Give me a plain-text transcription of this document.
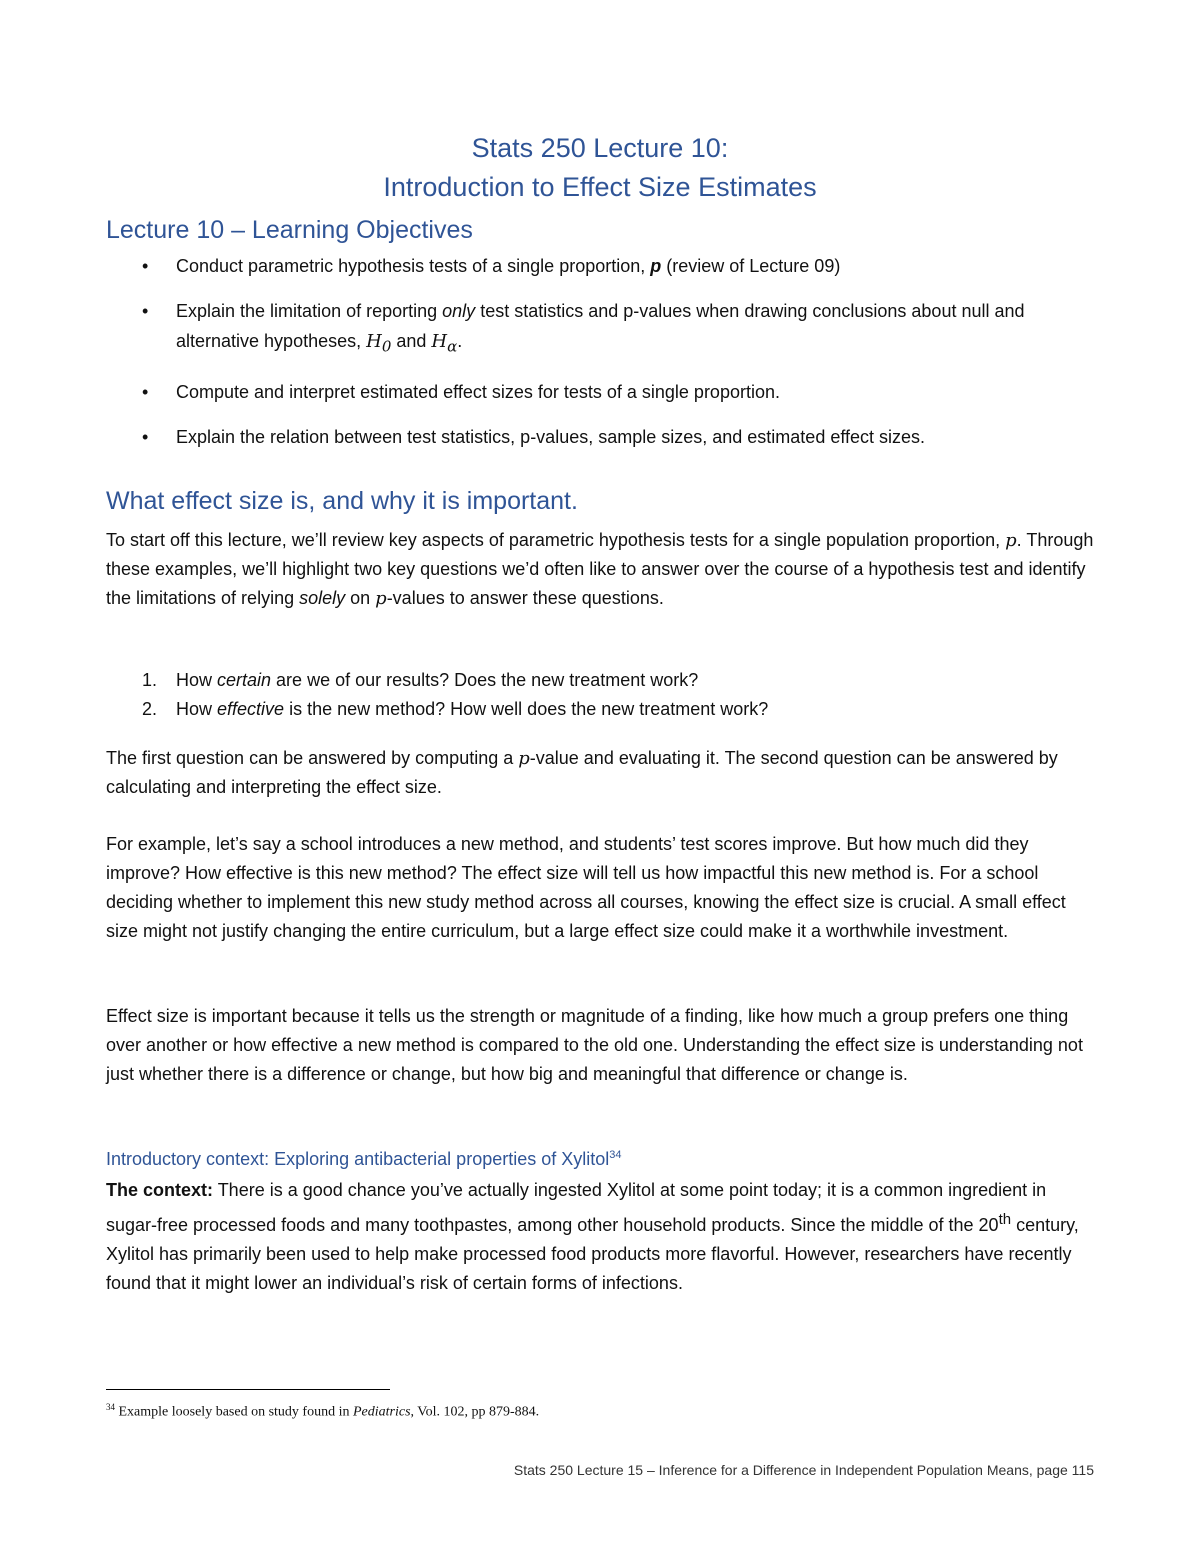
Stats 250 Lecture 10:
Introduction to Effect Size Estimates
Lecture 10 – Learning Objectives
• Conduct parametric hypothesis tests of a single proportion, p (review of Lecture 09)
• Explain the limitation of reporting only test statistics and p-values when drawing conclusions about null and alternative hypotheses, $H_0$ and $H_\alpha$.
• Compute and interpret estimated effect sizes for tests of a single proportion.
• Explain the relation between test statistics, p-values, sample sizes, and estimated effect sizes.
What effect size is, and why it is important.

To start off this lecture, we’ll review key aspects of parametric hypothesis tests for a single population proportion, p. Through these examples, we’ll highlight two key questions we’d often like to answer over the course of a hypothesis test and identify the limitations of relying solely on p-values to answer these questions.

1. How certain are we of our results? Does the new treatment work?
2. How effective is the new method? How well does the new treatment work?

The first question can be answered by computing a p-value and evaluating it. The second question can be answered by calculating and interpreting the effect size.

For example, let’s say a school introduces a new method, and students’ test scores improve. But how much did they improve? How effective is this new method? The effect size will tell us how impactful this new method is. For a school deciding whether to implement this new study method across all courses, knowing the effect size is crucial. A small effect size might not justify changing the entire curriculum, but a large effect size could make it a worthwhile investment.

Effect size is important because it tells us the strength or magnitude of a finding, like how much a group prefers one thing over another or how effective a new method is compared to the old one. Understanding the effect size is understanding not just whether there is a difference or change, but how big and meaningful that difference or change is.

Introductory context: Exploring antibacterial properties of Xylitol$^{34}$

The context: There is a good chance you’ve actually ingested Xylitol at some point today; it is a common ingredient in sugar-free processed foods and many toothpastes, among other household products. Since the middle of the 20th century, Xylitol has primarily been used to help make processed food products more flavorful. However, researchers have recently found that it might lower an individual’s risk of certain forms of infections.

$^{34}$ Example loosely based on study found in Pediatrics, Vol. 102, pp 879-884.
Stats 250 Lecture 15 – Inference for a Difference in Independent Population Means, page 115
